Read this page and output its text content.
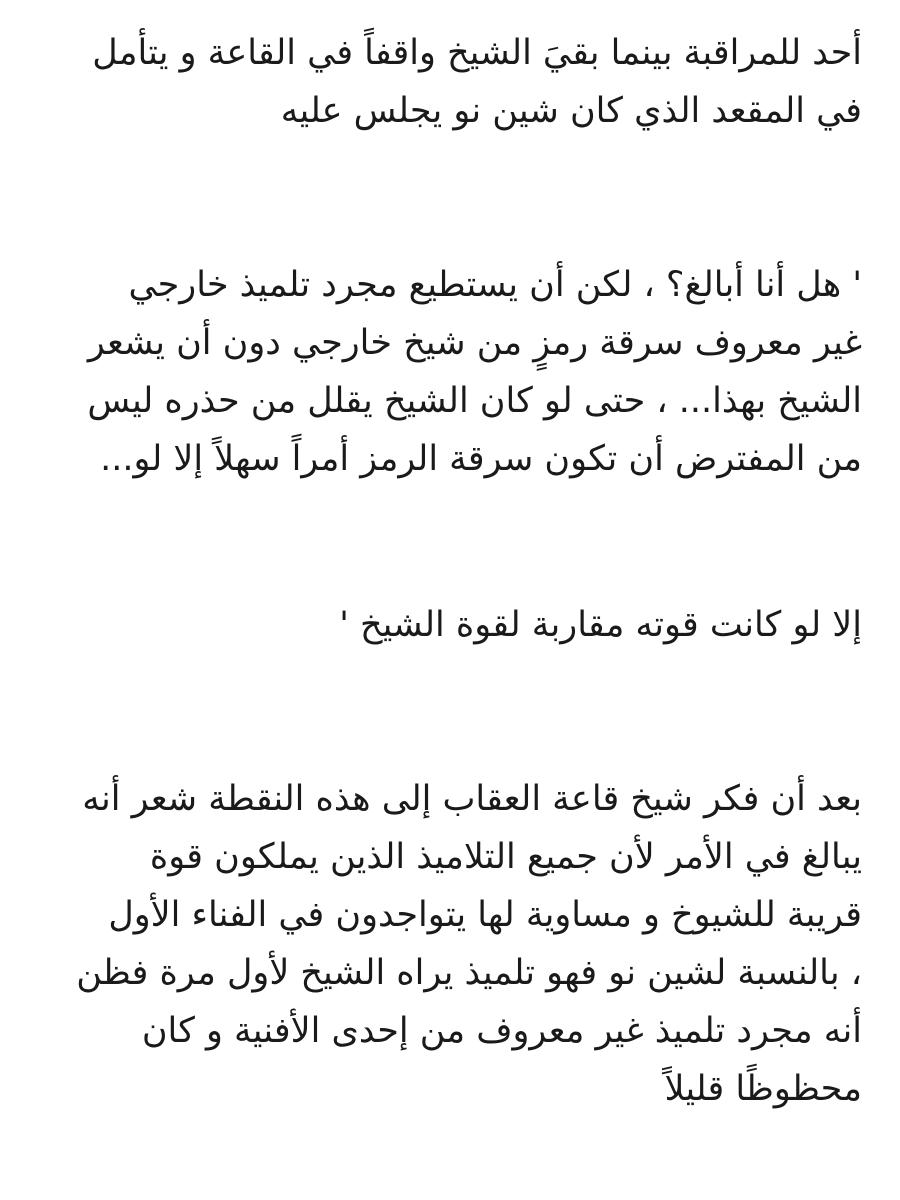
أحد للمراقبة بينما بقيَ الشيخ واقفاً في القاعة و يتأمل
في المقعد الذي كان شين نو يجلس عليه
' هل أنا أبالغ؟ ، لكن أن يستطيع مجرد تلميذ خارجي
غير معروف سرقة رمزٍ من شيخ خارجي دون أن يشعر
الشيخ بهذا... ، حتى لو كان الشيخ يقلل من حذره ليس
من المفترض أن تكون سرقة الرمز أمراً سهلاً إلا لو...
إلا لو كانت قوته مقاربة لقوة الشيخ '
بعد أن فكر شيخ قاعة العقاب إلى هذه النقطة شعر أنه
يبالغ في الأمر لأن جميع التلاميذ الذين يملكون قوة
قريبة للشيوخ و مساوية لها يتواجدون في الفناء الأول
، بالنسبة لشين نو فهو تلميذ يراه الشيخ لأول مرة فظن
أنه مجرد تلميذ غير معروف من إحدى الأفنية و كان
محظوظًا قليلاً
